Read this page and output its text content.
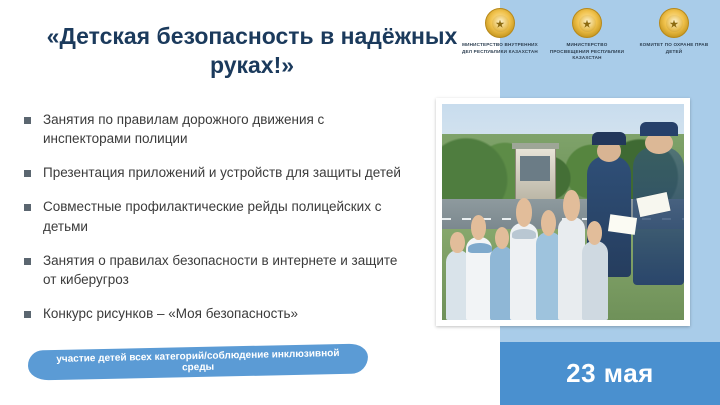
«Детская безопасность в надёжных руках!»
Занятия по правилам дорожного движения с инспекторами полиции
Презентация приложений и устройств для защиты детей
Совместные профилактические рейды полицейских с детьми
Занятия о правилах безопасности в интернете и защите от киберугроз
Конкурс рисунков – «Моя безопасность»
участие детей всех категорий/соблюдение инклюзивной среды
МИНИСТЕРСТВО ВНУТРЕННИХ ДЕЛ РЕСПУБЛИКИ КАЗАХСТАН
МИНИСТЕРСТВО ПРОСВЕЩЕНИЯ РЕСПУБЛИКИ КАЗАХСТАН
КОМИТЕТ ПО ОХРАНЕ ПРАВ ДЕТЕЙ
23 мая
